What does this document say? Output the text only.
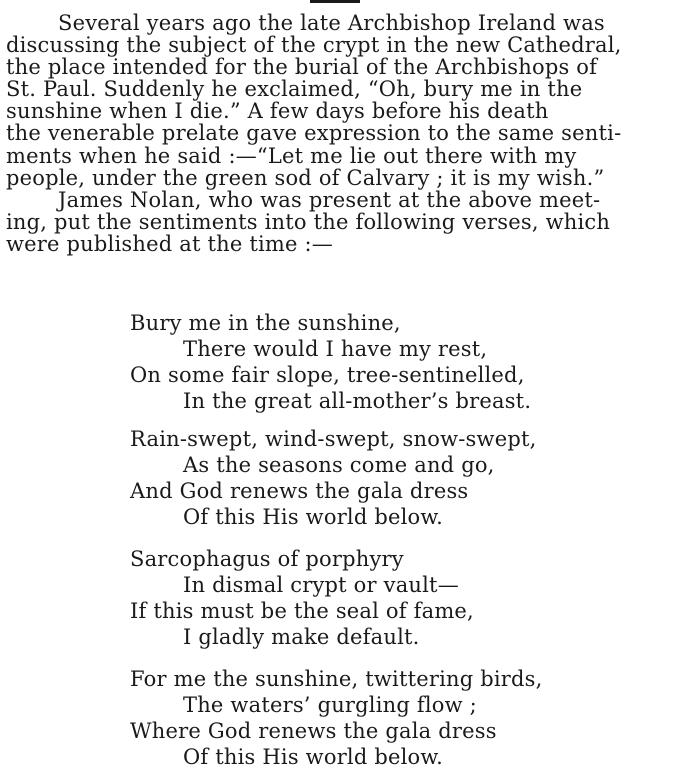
Several years ago the late Archbishop Ireland was
discussing the subject of the crypt in the new Cathedral,
the place intended for the burial of the Archbishops of
St. Paul. Suddenly he exclaimed, “Oh, bury me in the
sunshine when I die.” A few days before his death
the venerable prelate gave expression to the same senti-
ments when he said :—“Let me lie out there with my
people, under the green sod of Calvary ; it is my wish.”
James Nolan, who was present at the above meet-
ing, put the sentiments into the following verses, which
were published at the time :—
Bury me in the sunshine,
There would I have my rest,
On some fair slope, tree-sentinelled,
In the great all-mother’s breast.
Rain-swept, wind-swept, snow-swept,
As the seasons come and go,
And God renews the gala dress
Of this His world below.
Sarcophagus of porphyry
In dismal crypt or vault—
If this must be the seal of fame,
I gladly make default.
For me the sunshine, twittering birds,
The waters’ gurgling flow ;
Where God renews the gala dress
Of this His world below.
